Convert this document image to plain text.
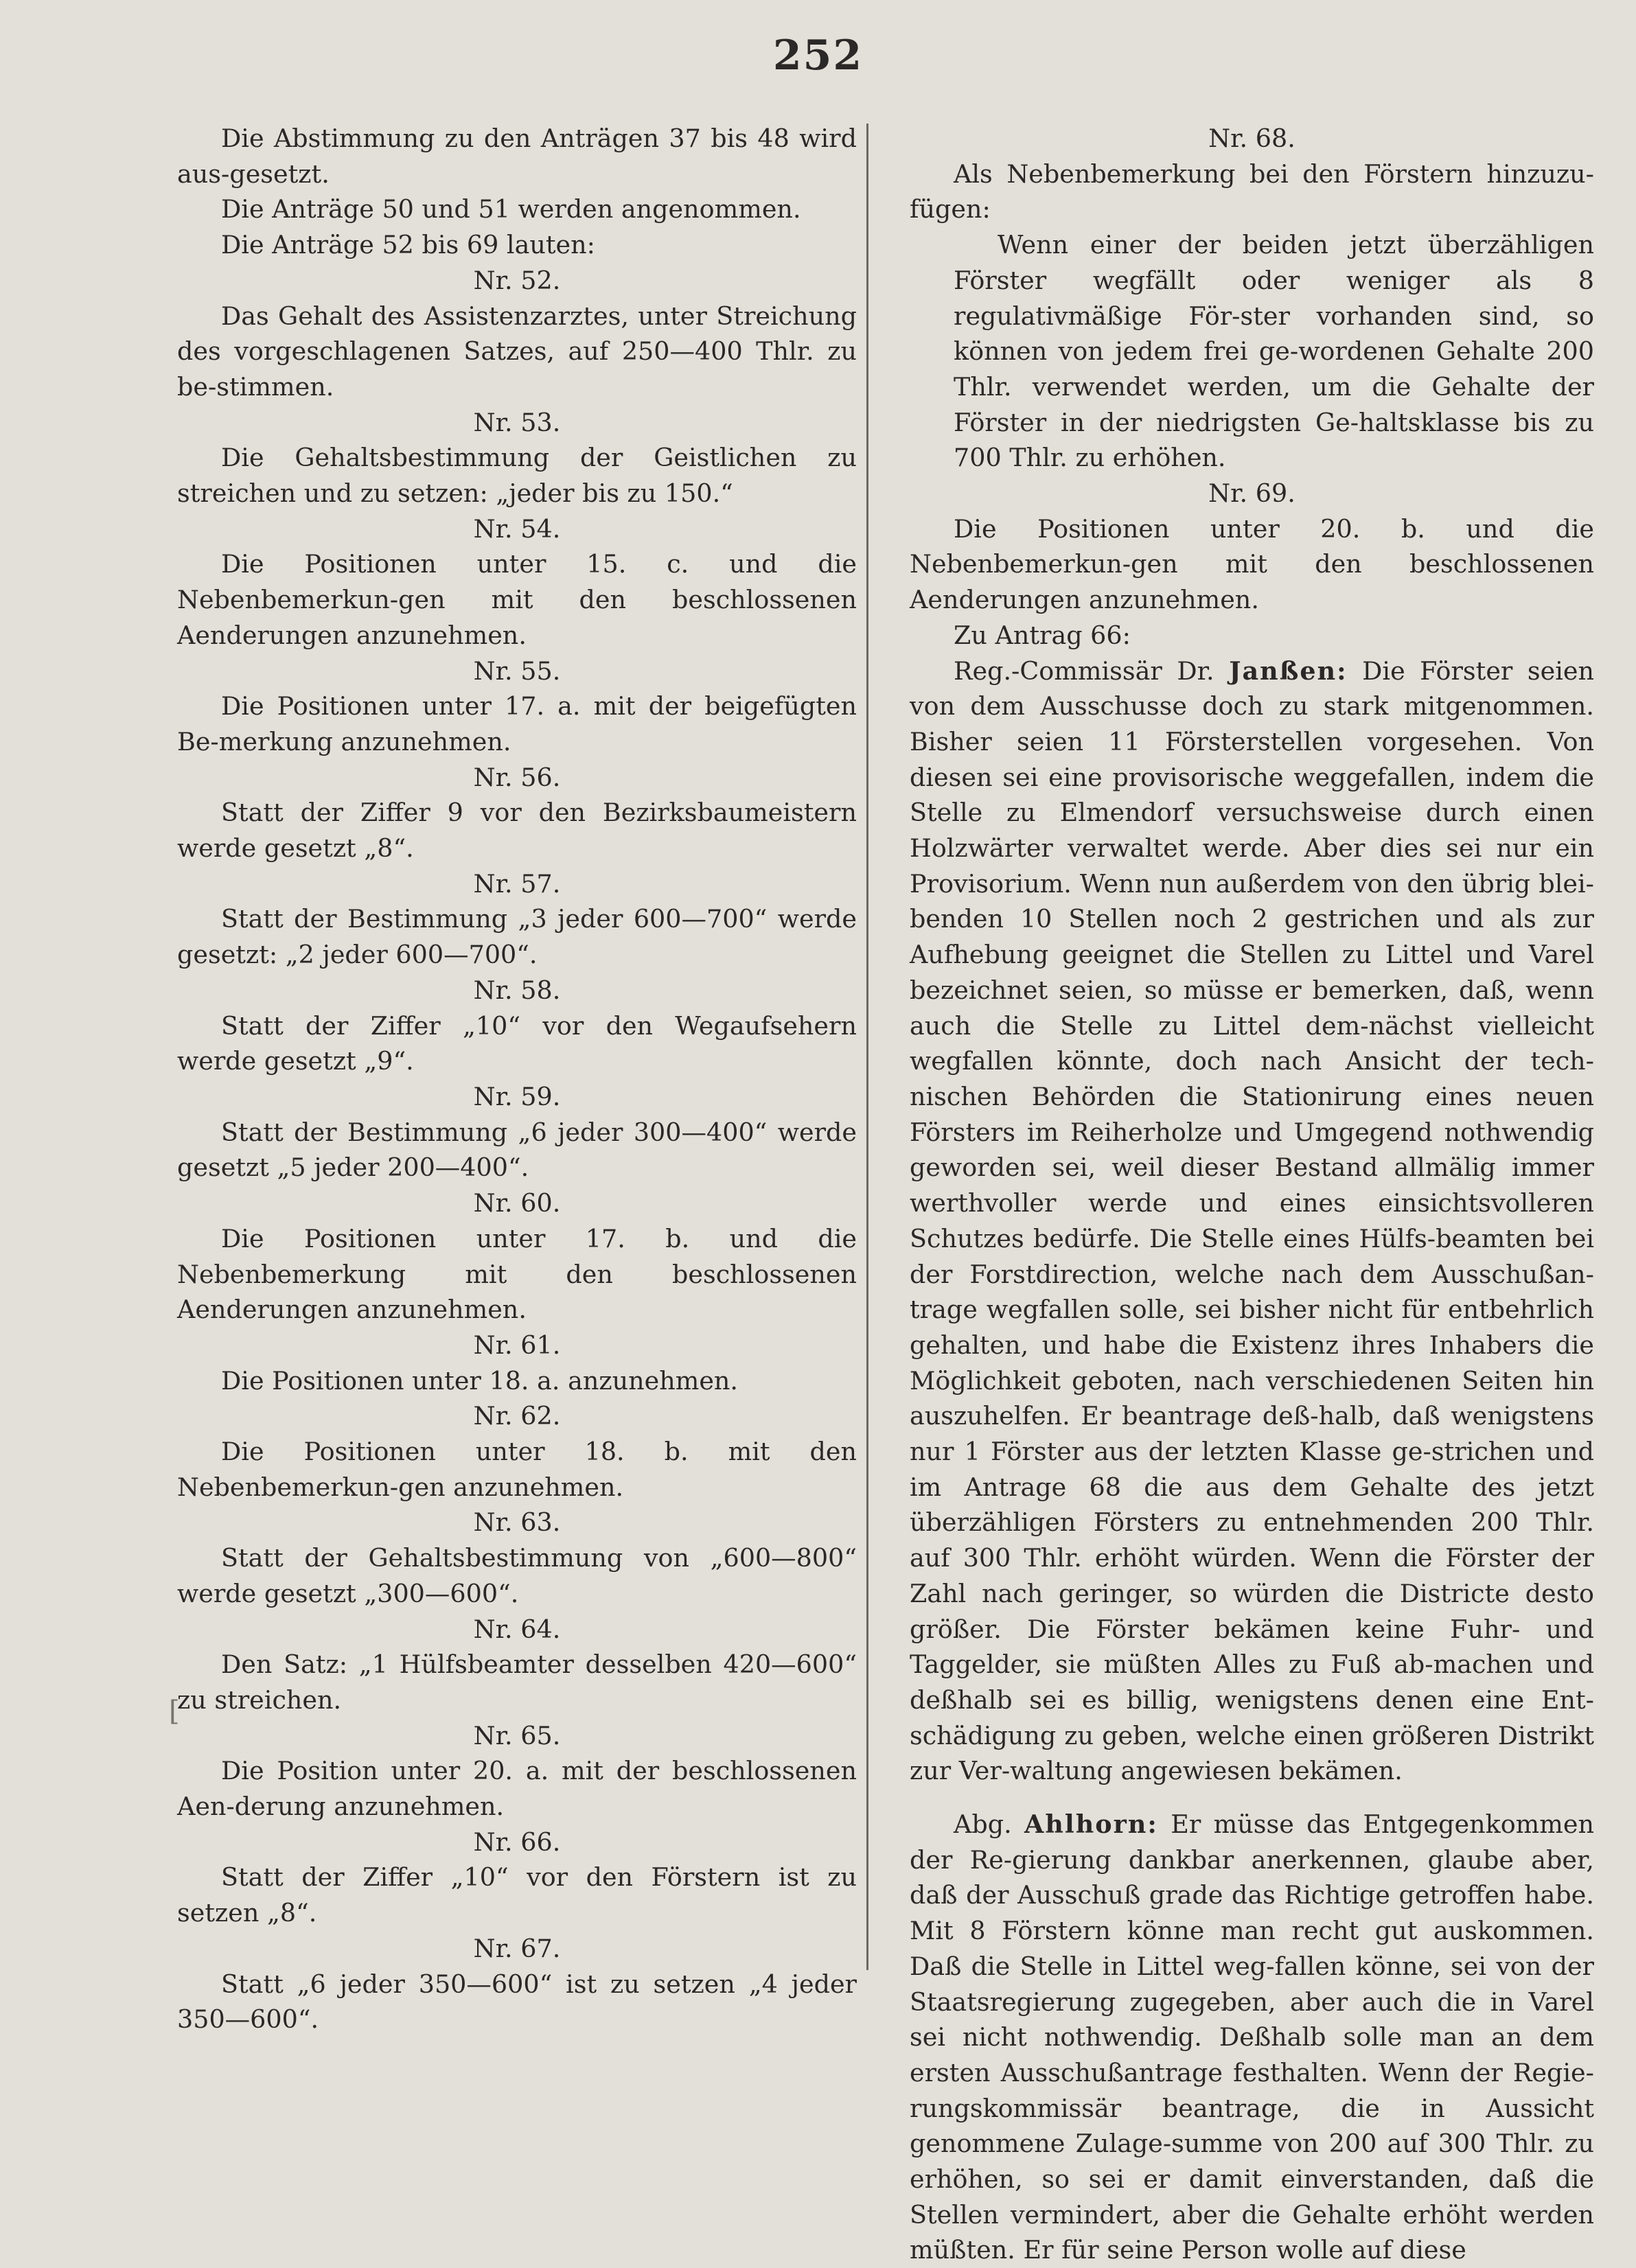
252
[

Die Abstimmung zu den Anträgen 37 bis 48 wird aus-gesetzt.

Die Anträge 50 und 51 werden angenommen.

Die Anträge 52 bis 69 lauten:

Nr. 52.

Das Gehalt des Assistenzarztes, unter Streichung des vorgeschlagenen Satzes, auf 250—400 Thlr. zu be-stimmen.

Nr. 53.

Die Gehaltsbestimmung der Geistlichen zu streichen und zu setzen: „jeder bis zu 150.“

Nr. 54.

Die Positionen unter 15. c. und die Nebenbemerkun-gen mit den beschlossenen Aenderungen anzunehmen.

Nr. 55.

Die Positionen unter 17. a. mit der beigefügten Be-merkung anzunehmen.

Nr. 56.

Statt der Ziffer 9 vor den Bezirksbaumeistern werde gesetzt „8“.

Nr. 57.

Statt der Bestimmung „3 jeder 600—700“ werde gesetzt: „2 jeder 600—700“.

Nr. 58.

Statt der Ziffer „10“ vor den Wegaufsehern werde gesetzt „9“.

Nr. 59.

Statt der Bestimmung „6 jeder 300—400“ werde gesetzt „5 jeder 200—400“.

Nr. 60.

Die Positionen unter 17. b. und die Nebenbemerkung mit den beschlossenen Aenderungen anzunehmen.

Nr. 61.

Die Positionen unter 18. a. anzunehmen.

Nr. 62.

Die Positionen unter 18. b. mit den Nebenbemerkun-gen anzunehmen.

Nr. 63.

Statt der Gehaltsbestimmung von „600—800“ werde gesetzt „300—600“.

Nr. 64.

Den Satz: „1 Hülfsbeamter desselben 420—600“ zu streichen.

Nr. 65.

Die Position unter 20. a. mit der beschlossenen Aen-derung anzunehmen.

Nr. 66.

Statt der Ziffer „10“ vor den Förstern ist zu setzen „8“.

Nr. 67.

Statt „6 jeder 350—600“ ist zu setzen „4 jeder 350—600“.

Nr. 68.

Als Nebenbemerkung bei den Förstern hinzuzu-fügen:

Wenn einer der beiden jetzt überzähligen Förster wegfällt oder weniger als 8 regulativmäßige För-ster vorhanden sind, so können von jedem frei ge-wordenen Gehalte 200 Thlr. verwendet werden, um die Gehalte der Förster in der niedrigsten Ge-haltsklasse bis zu 700 Thlr. zu erhöhen.

Nr. 69.

Die Positionen unter 20. b. und die Nebenbemerkun-gen mit den beschlossenen Aenderungen anzunehmen.

Zu Antrag 66:

Reg.-Commissär Dr. Janßen: Die Förster seien von dem Ausschusse doch zu stark mitgenommen. Bisher seien 11 Försterstellen vorgesehen. Von diesen sei eine provisorische weggefallen, indem die Stelle zu Elmendorf versuchsweise durch einen Holzwärter verwaltet werde. Aber dies sei nur ein Provisorium. Wenn nun außerdem von den übrig blei-benden 10 Stellen noch 2 gestrichen und als zur Aufhebung geeignet die Stellen zu Littel und Varel bezeichnet seien, so müsse er bemerken, daß, wenn auch die Stelle zu Littel dem-nächst vielleicht wegfallen könnte, doch nach Ansicht der tech-nischen Behörden die Stationirung eines neuen Försters im Reiherholze und Umgegend nothwendig geworden sei, weil dieser Bestand allmälig immer werthvoller werde und eines einsichtsvolleren Schutzes bedürfe. Die Stelle eines Hülfs-beamten bei der Forstdirection, welche nach dem Ausschußan-trage wegfallen solle, sei bisher nicht für entbehrlich gehalten, und habe die Existenz ihres Inhabers die Möglichkeit geboten, nach verschiedenen Seiten hin auszuhelfen. Er beantrage deß-halb, daß wenigstens nur 1 Förster aus der letzten Klasse ge-strichen und im Antrage 68 die aus dem Gehalte des jetzt überzähligen Försters zu entnehmenden 200 Thlr. auf 300 Thlr. erhöht würden. Wenn die Förster der Zahl nach geringer, so würden die Districte desto größer. Die Förster bekämen keine Fuhr- und Taggelder, sie müßten Alles zu Fuß ab-machen und deßhalb sei es billig, wenigstens denen eine Ent-schädigung zu geben, welche einen größeren Distrikt zur Ver-waltung angewiesen bekämen.

Abg. Ahlhorn: Er müsse das Entgegenkommen der Re-gierung dankbar anerkennen, glaube aber, daß der Ausschuß grade das Richtige getroffen habe. Mit 8 Förstern könne man recht gut auskommen. Daß die Stelle in Littel weg-fallen könne, sei von der Staatsregierung zugegeben, aber auch die in Varel sei nicht nothwendig. Deßhalb solle man an dem ersten Ausschußantrage festhalten. Wenn der Regie-rungskommissär beantrage, die in Aussicht genommene Zulage-summe von 200 auf 300 Thlr. zu erhöhen, so sei er damit einverstanden, daß die Stellen vermindert, aber die Gehalte erhöht werden müßten. Er für seine Person wolle auf diese
